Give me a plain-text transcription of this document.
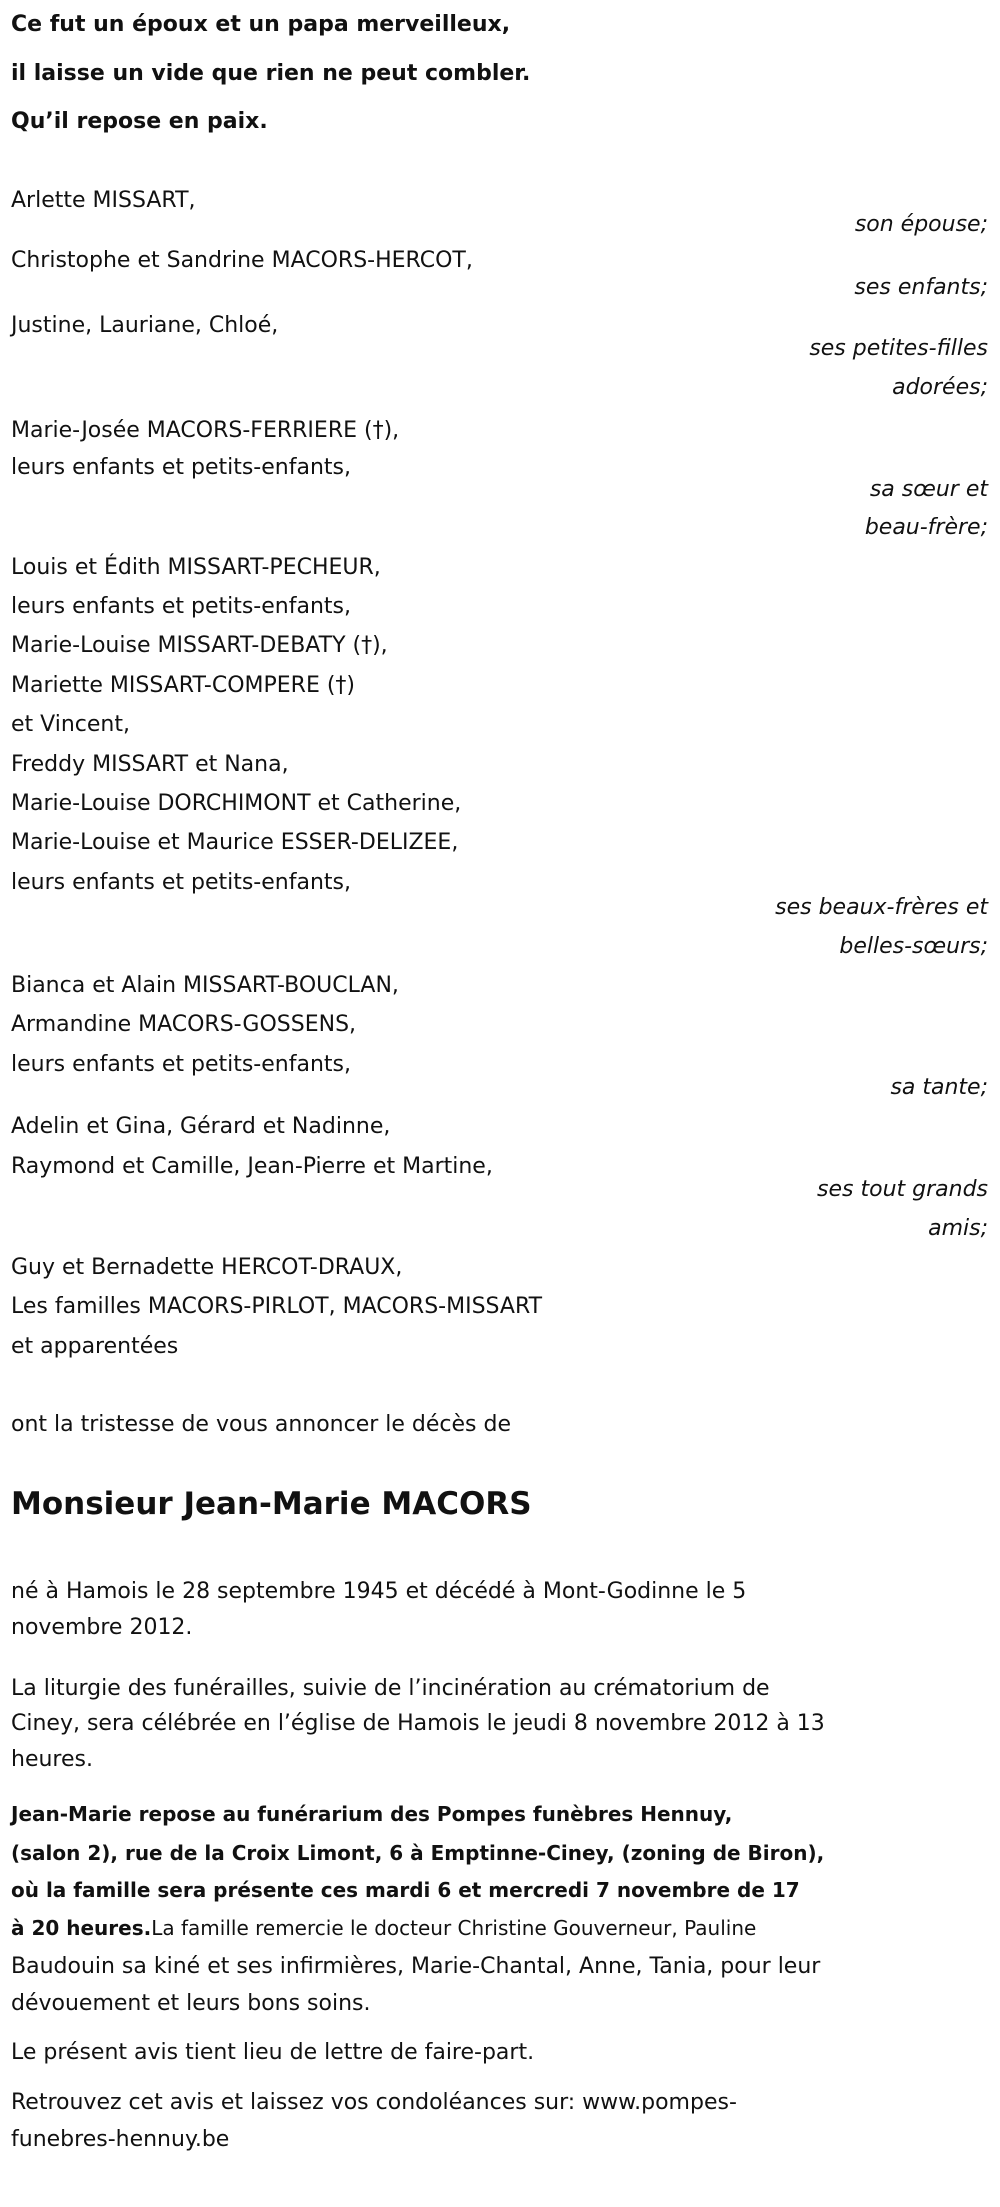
Ce fut un époux et un papa merveilleux,
il laisse un vide que rien ne peut combler.
Qu’il repose en paix.
Arlette MISSART,
son épouse;
Christophe et Sandrine MACORS-HERCOT,
ses enfants;
Justine, Lauriane, Chloé,
ses petites-filles
adorées;
Marie-Josée MACORS-FERRIERE (†),
leurs enfants et petits-enfants,
sa sœur et
beau-frère;
Louis et Édith MISSART-PECHEUR,
leurs enfants et petits-enfants,
Marie-Louise MISSART-DEBATY (†),
Mariette MISSART-COMPERE (†)
et Vincent,
Freddy MISSART et Nana,
Marie-Louise DORCHIMONT et Catherine,
Marie-Louise et Maurice ESSER-DELIZEE,
leurs enfants et petits-enfants,
ses beaux-frères et
belles-sœurs;
Bianca et Alain MISSART-BOUCLAN,
Armandine MACORS-GOSSENS,
leurs enfants et petits-enfants,
sa tante;
Adelin et Gina, Gérard et Nadinne,
Raymond et Camille, Jean-Pierre et Martine,
ses tout grands
amis;
Guy et Bernadette HERCOT-DRAUX,
Les familles MACORS-PIRLOT, MACORS-MISSART
et apparentées
ont la tristesse de vous annoncer le décès de
Monsieur Jean-Marie MACORS
né à Hamois le 28 septembre 1945 et décédé à Mont-Godinne le 5
novembre 2012.
La liturgie des funérailles, suivie de l’incinération au crématorium de
Ciney, sera célébrée en l’église de Hamois le jeudi 8 novembre 2012 à 13
heures.
Jean-Marie repose au funérarium des Pompes funèbres Hennuy,
(salon 2), rue de la Croix Limont, 6 à Emptinne-Ciney, (zoning de Biron),
où la famille sera présente ces mardi 6 et mercredi 7 novembre de 17
à 20 heures.La famille remercie le docteur Christine Gouverneur, Pauline
Baudouin sa kiné et ses infirmières, Marie-Chantal, Anne, Tania, pour leur
dévouement et leurs bons soins.
Le présent avis tient lieu de lettre de faire-part.
Retrouvez cet avis et laissez vos condoléances sur: www.pompes-
funebres-hennuy.be
